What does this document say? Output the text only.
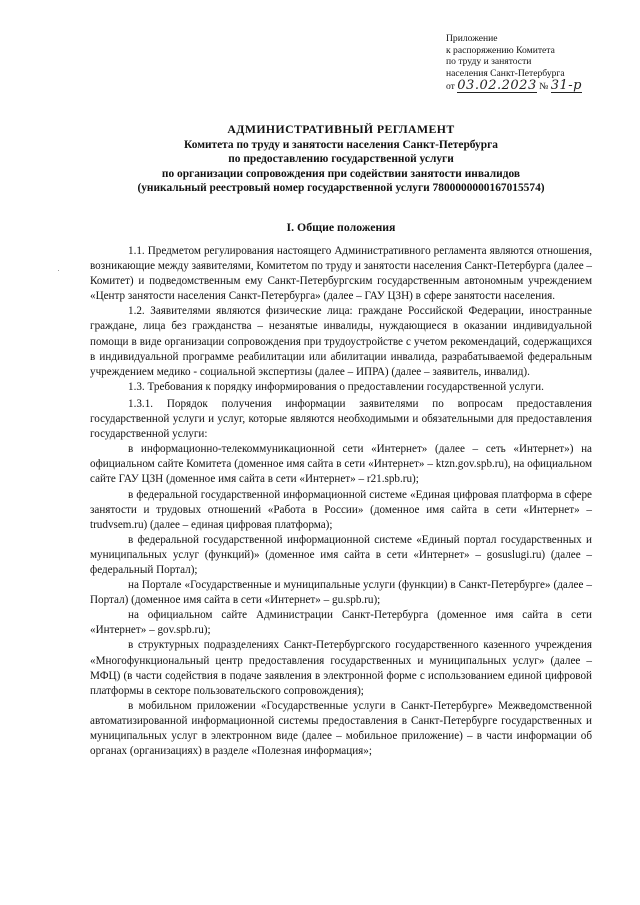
Приложение
к распоряжению Комитета
по труду и занятости
населения Санкт-Петербурга
от 03.02.2023 № 31-р
АДМИНИСТРАТИВНЫЙ РЕГЛАМЕНТ
Комитета по труду и занятости населения Санкт-Петербурга
по предоставлению государственной услуги
по организации сопровождения при содействии занятости инвалидов
(уникальный реестровый номер государственной услуги 7800000000167015574)
I. Общие положения

1.1. Предметом регулирования настоящего Административного регламента являются отношения, возникающие между заявителями, Комитетом по труду и занятости населения Санкт-Петербурга (далее – Комитет) и подведомственным ему Санкт-Петербургским государственным автономным учреждением «Центр занятости населения Санкт-Петербурга» (далее – ГАУ ЦЗН) в сфере занятости населения.

1.2. Заявителями являются физические лица: граждане Российской Федерации, иностранные граждане, лица без гражданства – незанятые инвалиды, нуждающиеся в оказании индивидуальной помощи в виде организации сопровождения при трудоустройстве с учетом рекомендаций, содержащихся в индивидуальной программе реабилитации или абилитации инвалида, разрабатываемой федеральным учреждением медико - социальной экспертизы (далее – ИПРА) (далее – заявитель, инвалид).

1.3. Требования к порядку информирования о предоставлении государственной услуги.

1.3.1. Порядок получения информации заявителями по вопросам предоставления государственной услуги и услуг, которые являются необходимыми и обязательными для предоставления государственной услуги:

в информационно-телекоммуникационной сети «Интернет» (далее – сеть «Интернет») на официальном сайте Комитета (доменное имя сайта в сети «Интернет» – ktzn.gov.spb.ru), на официальном сайте ГАУ ЦЗН (доменное имя сайта в сети «Интернет» – r21.spb.ru);

в федеральной государственной информационной системе «Единая цифровая платформа в сфере занятости и трудовых отношений «Работа в России» (доменное имя сайта в сети «Интернет» – trudvsem.ru) (далее – единая цифровая платформа);

в федеральной государственной информационной системе «Единый портал государственных и муниципальных услуг (функций)» (доменное имя сайта в сети «Интернет» – gosuslugi.ru) (далее – федеральный Портал);

на Портале «Государственные и муниципальные услуги (функции) в Санкт-Петербурге» (далее – Портал) (доменное имя сайта в сети «Интернет» – gu.spb.ru);

на официальном сайте Администрации Санкт-Петербурга (доменное имя сайта в сети «Интернет» – gov.spb.ru);

в структурных подразделениях Санкт-Петербургского государственного казенного учреждения «Многофункциональный центр предоставления государственных и муниципальных услуг» (далее – МФЦ) (в части содействия в подаче заявления в электронной форме с использованием единой цифровой платформы в секторе пользовательского сопровождения);

в мобильном приложении «Государственные услуги в Санкт-Петербурге» Межведомственной автоматизированной информационной системы предоставления в Санкт-Петербурге государственных и муниципальных услуг в электронном виде (далее – мобильное приложение) – в части информации об органах (организациях) в разделе «Полезная информация»;
